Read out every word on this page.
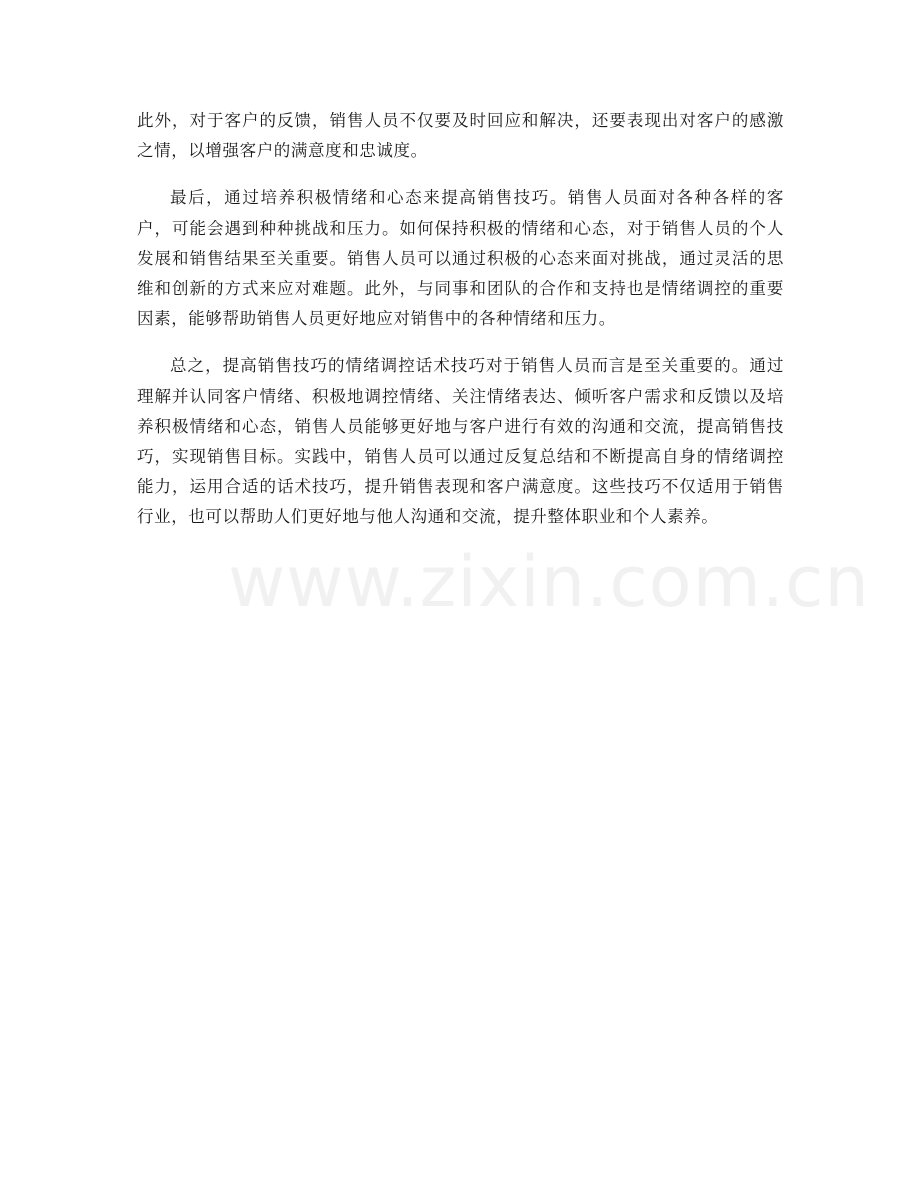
此外，对于客户的反馈，销售人员不仅要及时回应和解决，还要表现出对客户的感激之情，以增强客户的满意度和忠诚度。

最后，通过培养积极情绪和心态来提高销售技巧。销售人员面对各种各样的客户，可能会遇到种种挑战和压力。如何保持积极的情绪和心态，对于销售人员的个人发展和销售结果至关重要。销售人员可以通过积极的心态来面对挑战，通过灵活的思维和创新的方式来应对难题。此外，与同事和团队的合作和支持也是情绪调控的重要因素，能够帮助销售人员更好地应对销售中的各种情绪和压力。

总之，提高销售技巧的情绪调控话术技巧对于销售人员而言是至关重要的。通过理解并认同客户情绪、积极地调控情绪、关注情绪表达、倾听客户需求和反馈以及培养积极情绪和心态，销售人员能够更好地与客户进行有效的沟通和交流，提高销售技巧，实现销售目标。实践中，销售人员可以通过反复总结和不断提高自身的情绪调控能力，运用合适的话术技巧，提升销售表现和客户满意度。这些技巧不仅适用于销售行业，也可以帮助人们更好地与他人沟通和交流，提升整体职业和个人素养。

www.zixin.com.cn
